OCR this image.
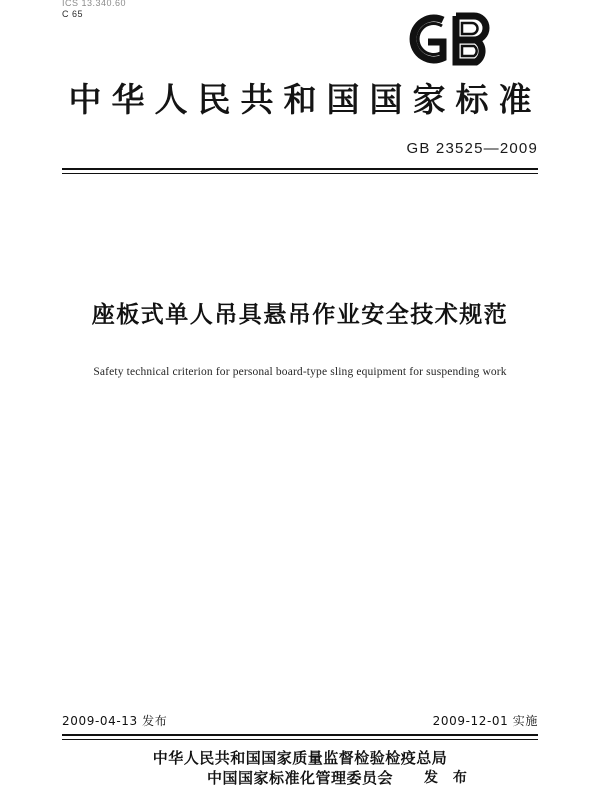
ICS 13.340.60
C 65
中华人民共和国国家标准
GB 23525—2009
座板式单人吊具悬吊作业安全技术规范
Safety technical criterion for personal board-type sling equipment for suspending work
2009-04-13 发布	2009-12-01 实施
中华人民共和国国家质量监督检验检疫总局
中国国家标准化管理委员会	发 布
